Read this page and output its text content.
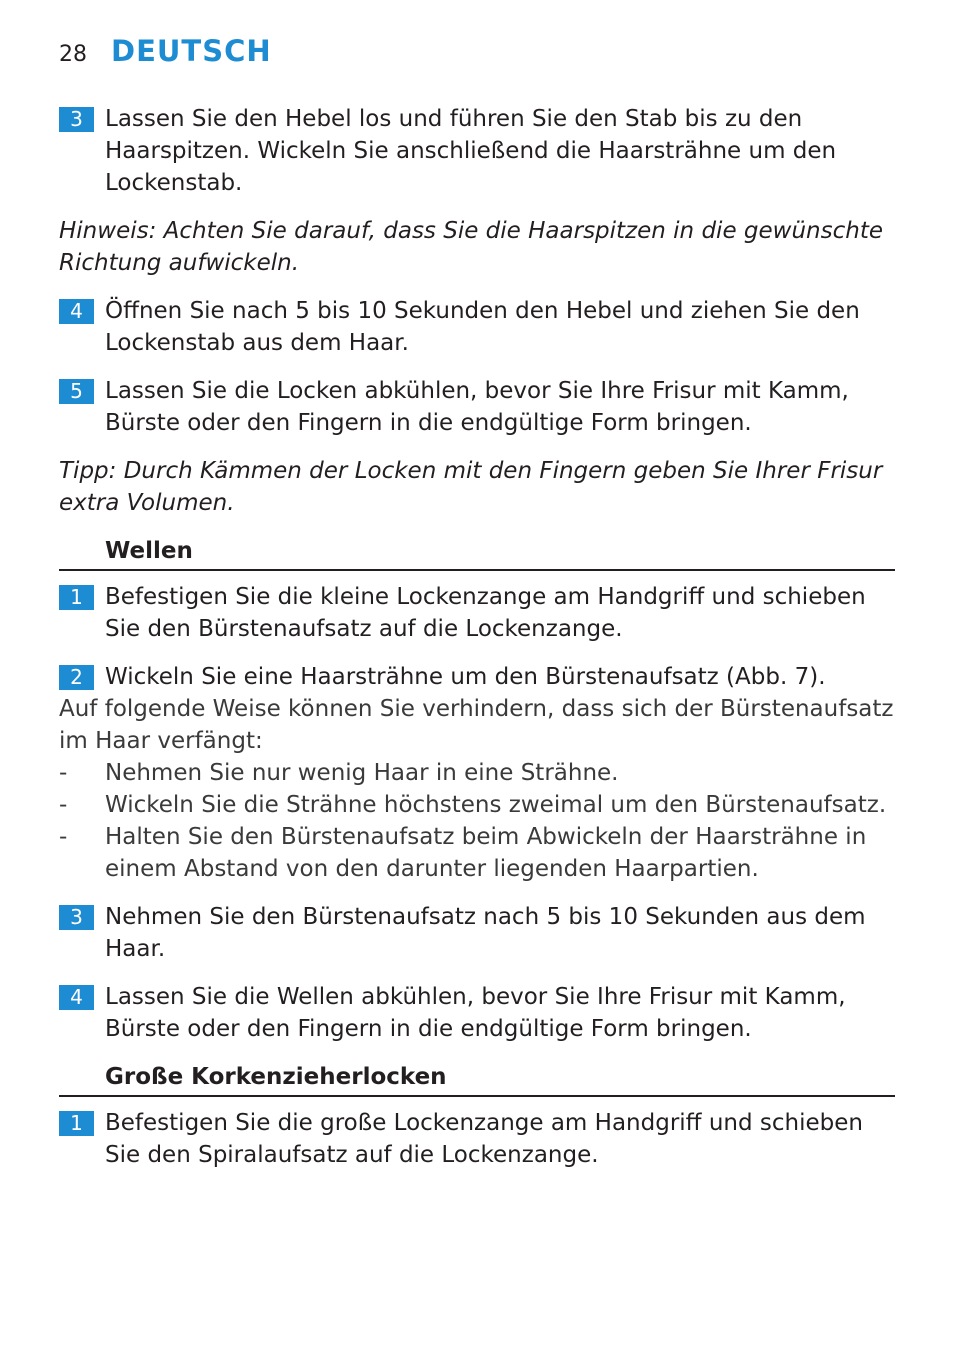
28 DEUTSCH
3 Lassen Sie den Hebel los und führen Sie den Stab bis zu den Haarspitzen. Wickeln Sie anschließend die Haarsträhne um den Lockenstab.
Hinweis: Achten Sie darauf, dass Sie die Haarspitzen in die gewünschte Richtung aufwickeln.
4 Öffnen Sie nach 5 bis 10 Sekunden den Hebel und ziehen Sie den Lockenstab aus dem Haar.
5 Lassen Sie die Locken abkühlen, bevor Sie Ihre Frisur mit Kamm, Bürste oder den Fingern in die endgültige Form bringen.
Tipp: Durch Kämmen der Locken mit den Fingern geben Sie Ihrer Frisur extra Volumen.
Wellen
1 Befestigen Sie die kleine Lockenzange am Handgriff und schieben Sie den Bürstenaufsatz auf die Lockenzange.
2 Wickeln Sie eine Haarsträhne um den Bürstenaufsatz (Abb. 7).
Auf folgende Weise können Sie verhindern, dass sich der Bürstenaufsatz im Haar verfängt:
- Nehmen Sie nur wenig Haar in eine Strähne.
- Wickeln Sie die Strähne höchstens zweimal um den Bürstenaufsatz.
- Halten Sie den Bürstenaufsatz beim Abwickeln der Haarsträhne in einem Abstand von den darunter liegenden Haarpartien.
3 Nehmen Sie den Bürstenaufsatz nach 5 bis 10 Sekunden aus dem Haar.
4 Lassen Sie die Wellen abkühlen, bevor Sie Ihre Frisur mit Kamm, Bürste oder den Fingern in die endgültige Form bringen.
Große Korkenzieherlocken
1 Befestigen Sie die große Lockenzange am Handgriff und schieben Sie den Spiralaufsatz auf die Lockenzange.
